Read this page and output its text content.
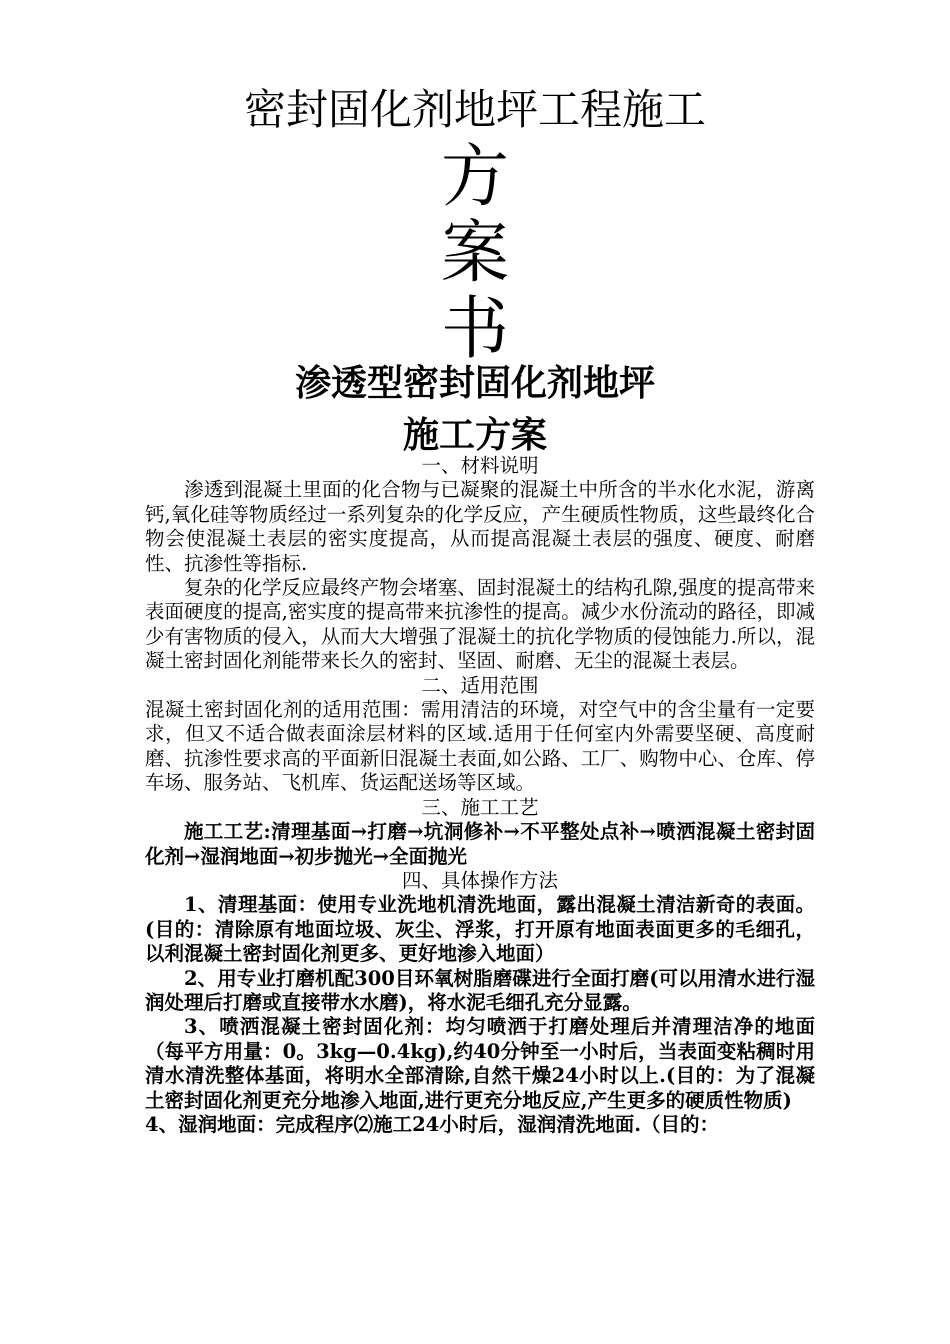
密封固化剂地坪工程施工
方
案
书
渗透型密封固化剂地坪
施工方案

一、材料说明

渗透到混凝土里面的化合物与已凝聚的混凝土中所含的半水化水泥，游离钙,氧化硅等物质经过一系列复杂的化学反应，产生硬质性物质，这些最终化合物会使混凝土表层的密实度提高，从而提高混凝土表层的强度、硬度、耐磨性、抗渗性等指标.

复杂的化学反应最终产物会堵塞、固封混凝土的结构孔隙,强度的提高带来表面硬度的提高,密实度的提高带来抗渗性的提高。减少水份流动的路径，即减少有害物质的侵入，从而大大增强了混凝土的抗化学物质的侵蚀能力.所以，混凝土密封固化剂能带来长久的密封、坚固、耐磨、无尘的混凝土表层。

二、适用范围

混凝土密封固化剂的适用范围：需用清洁的环境，对空气中的含尘量有一定要求，但又不适合做表面涂层材料的区域.适用于任何室内外需要坚硬、高度耐磨、抗渗性要求高的平面新旧混凝土表面,如公路、工厂、购物中心、仓库、停车场、服务站、飞机库、货运配送场等区域。

三、施工工艺

施工工艺:清理基面→打磨→坑洞修补→不平整处点补→喷洒混凝土密封固化剂→湿润地面→初步抛光→全面抛光

四、具体操作方法

1、清理基面：使用专业洗地机清洗地面，露出混凝土清洁新奇的表面。(目的：清除原有地面垃圾、灰尘、浮浆，打开原有地面表面更多的毛细孔，以利混凝土密封固化剂更多、更好地渗入地面）

2、用专业打磨机配300目环氧树脂磨碟进行全面打磨(可以用清水进行湿润处理后打磨或直接带水水磨)，将水泥毛细孔充分显露。

3、喷洒混凝土密封固化剂：均匀喷洒于打磨处理后并清理洁净的地面（每平方用量：0。3kg—0.4kg),约40分钟至一小时后，当表面变粘稠时用清水清洗整体基面，将明水全部清除,自然干燥24小时以上.(目的：为了混凝土密封固化剂更充分地渗入地面,进行更充分地反应,产生更多的硬质性物质)

4、湿润地面：完成程序⑵施工24小时后，湿润清洗地面.（目的：
